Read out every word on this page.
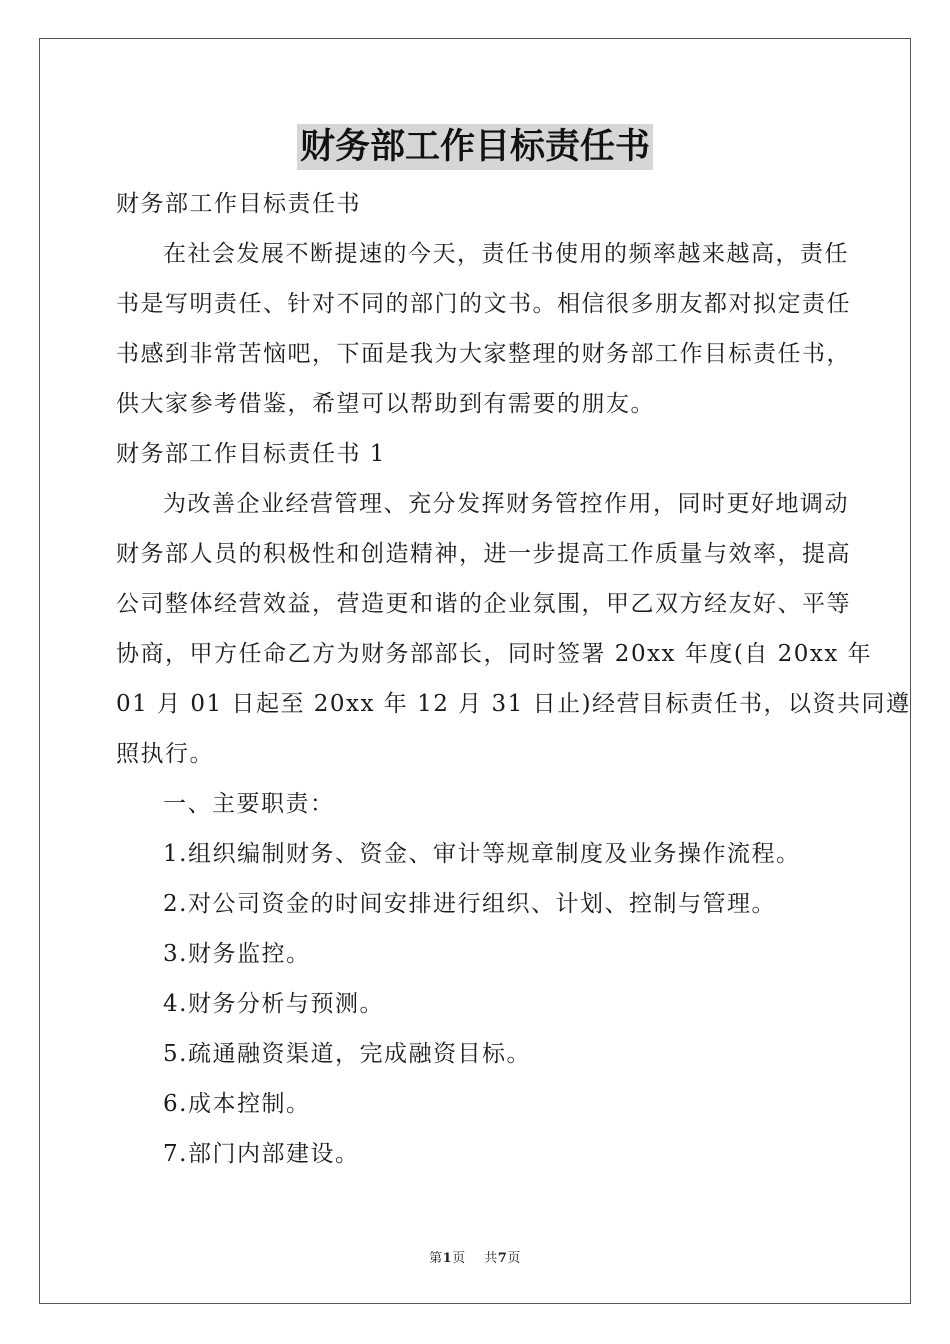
财务部工作目标责任书
财务部工作目标责任书
在社会发展不断提速的今天，责任书使用的频率越来越高，责任
书是写明责任、针对不同的部门的文书。相信很多朋友都对拟定责任
书感到非常苦恼吧，下面是我为大家整理的财务部工作目标责任书，
供大家参考借鉴，希望可以帮助到有需要的朋友。
财务部工作目标责任书 1
为改善企业经营管理、充分发挥财务管控作用，同时更好地调动
财务部人员的积极性和创造精神，进一步提高工作质量与效率，提高
公司整体经营效益，营造更和谐的企业氛围，甲乙双方经友好、平等
协商，甲方任命乙方为财务部部长，同时签署 20xx 年度(自 20xx 年
01 月 01 日起至 20xx 年 12 月 31 日止)经营目标责任书，以资共同遵
照执行。
一、主要职责：
1.组织编制财务、资金、审计等规章制度及业务操作流程。
2.对公司资金的时间安排进行组织、计划、控制与管理。
3.财务监控。
4.财务分析与预测。
5.疏通融资渠道，完成融资目标。
6.成本控制。
7.部门内部建设。
第1页 共7页
